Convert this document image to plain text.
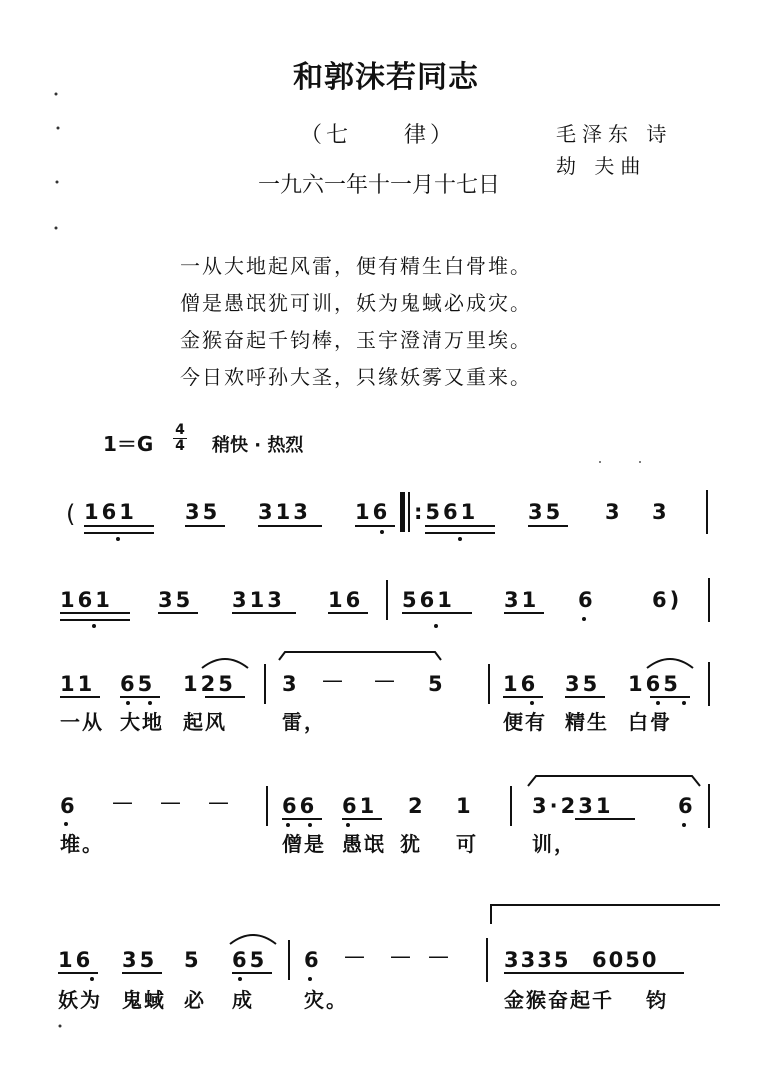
和郭沫若同志
（七　　律）	毛泽东 诗
劫 夫曲
一九六一年十一月十七日
一从大地起风雷，便有精生白骨堆。
僧是愚氓犹可训，妖为鬼蜮必成灾。
金猴奋起千钧棒，玉宇澄清万里埃。
今日欢呼孙大圣，只缘妖雾又重来。
1＝G
4
4 稍快 · 热烈
( 161 35 313 16 :561 35 3 3
161 35 313 16 561 31 6	6)
11 65 125 3 — — 5	16 35 165
一从 大地 起风	雷，	便有 精生 白骨
6 — — — 66 61 2 1	3·231	6
堆。	僧是 愚氓 犹 可	训，
16 35 5 65 6 — — — 3335 6050
妖为 鬼蜮 必 成	灾。	金猴奋起千 钧
